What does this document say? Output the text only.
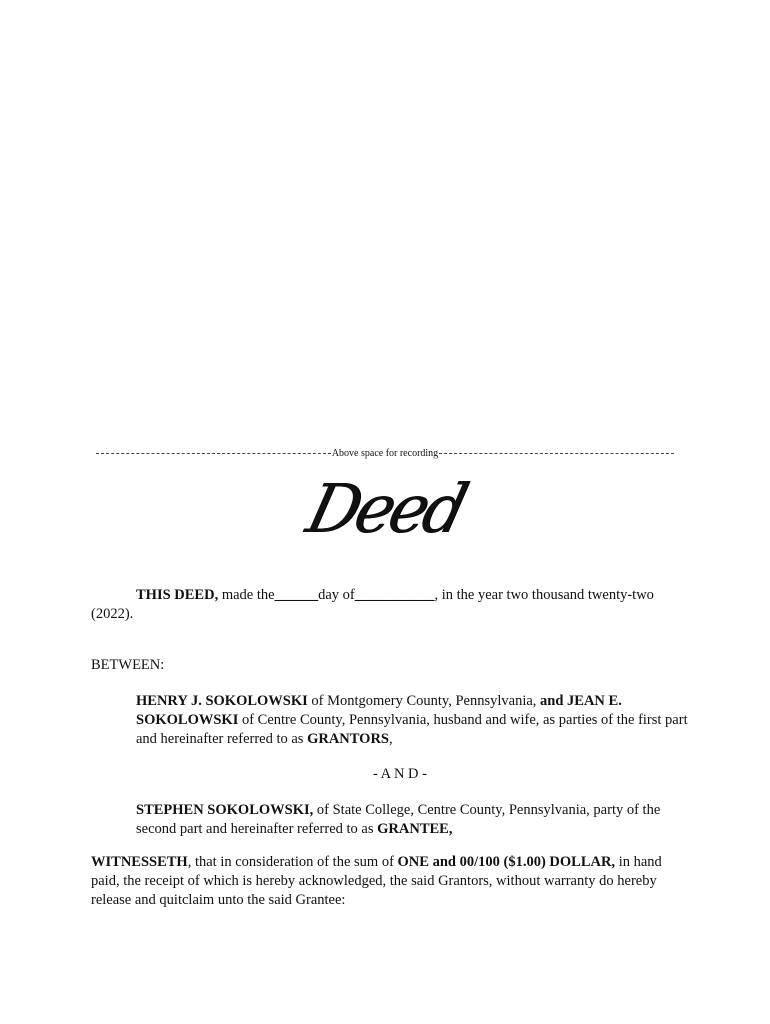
Above space for recording
Deed
THIS DEED, made the______day of___________, in the year two thousand twenty-two (2022).
BETWEEN:
HENRY J. SOKOLOWSKI of Montgomery County, Pennsylvania, and JEAN E. SOKOLOWSKI of Centre County, Pennsylvania, husband and wife, as parties of the first part and hereinafter referred to as GRANTORS,
- A N D -
STEPHEN SOKOLOWSKI, of State College, Centre County, Pennsylvania, party of the second part and hereinafter referred to as GRANTEE,
WITNESSETH, that in consideration of the sum of ONE and 00/100 ($1.00) DOLLAR, in hand paid, the receipt of which is hereby acknowledged, the said Grantors, without warranty do hereby release and quitclaim unto the said Grantee:
